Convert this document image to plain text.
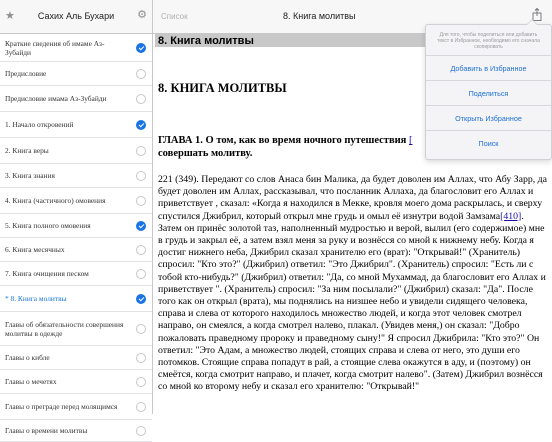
★	Сахих Аль Бухари	⚙
Краткие сведения об имаме Аз-Зубайди
Предисловие
Предисловие имама Аз-Зубайди
1. Начало откровений
2. Книга веры
3. Книга знания
4. Книга (частичного) омовения
5. Книга полного омовения
6. Книга месячных
7. Книга очищения песком
* 8. Книга молитвы
Главы об обязательности совершения молитвы в одежде
Главы о кибле
Главы о мечетях
Главы о преграде перед молящимся
Главы о времени молитвы
Список	8. Книга молитвы
8. Книга молитвы
8. КНИГА МОЛИТВЫ
ГЛАВА 1. О том, как во время ночного путешествия [
совершать молитву.

221 (349). Передают со слов Анаса бин Малика, да будет доволен им Аллах, что Абу Зарр, да будет доволен им Аллах, рассказывал, что посланник Аллаха, да благословит его Аллах и приветствует , сказал: «Когда я находился в Мекке, кровля моего дома раскрылась, и сверху спустился Джибрил, который открыл мне грудь и омыл её изнутри водой Замзама[410]. Затем он принёс золотой таз, наполненный мудростью и верой, вылил (его содержимое) мне в грудь и закрыл её, а затем взял меня за руку и вознёсся со мной к нижнему небу. Когда я достиг нижнего неба, Джибрил сказал хранителю его (врат): "Открывай!" (Хранитель) спросил: "Кто это?" (Джибрил) ответил: "Это Джибрил". (Хранитель) спросил: "Есть ли с тобой кто-нибудь?" (Джибрил) ответил: "Да, со мной Мухаммад, да благословит его Аллах и приветствует ". (Хранитель) спросил: "За ним посылали?" (Джибрил) сказал: "Да". После того как он открыл (врата), мы поднялись на низшее небо и увидели сидящего человека, справа и слева от которого находилось множество людей, и когда этот человек смотрел направо, он смеялся, а когда смотрел налево, плакал. (Увидев меня,) он сказал: "Добро пожаловать праведному пророку и праведному сыну!" Я спросил Джибрила: "Кто это?" Он ответил: "Это Адам, а множество людей, стоящих справа и слева от него, это души его потомков. Стоящие справа попадут в рай, а стоящие слева окажутся в аду, и (поэтому) он смеётся, когда смотрит направо, и плачет, когда смотрит налево". (Затем) Джибрил вознёсся со мной ко второму небу и сказал его хранителю: "Открывай!"

Для того, чтобы поделиться или добавить текст в Избранное, необходимо его сначала скопировать
Добавить в Избранное
Поделиться
Открыть Избранное
Поиск
